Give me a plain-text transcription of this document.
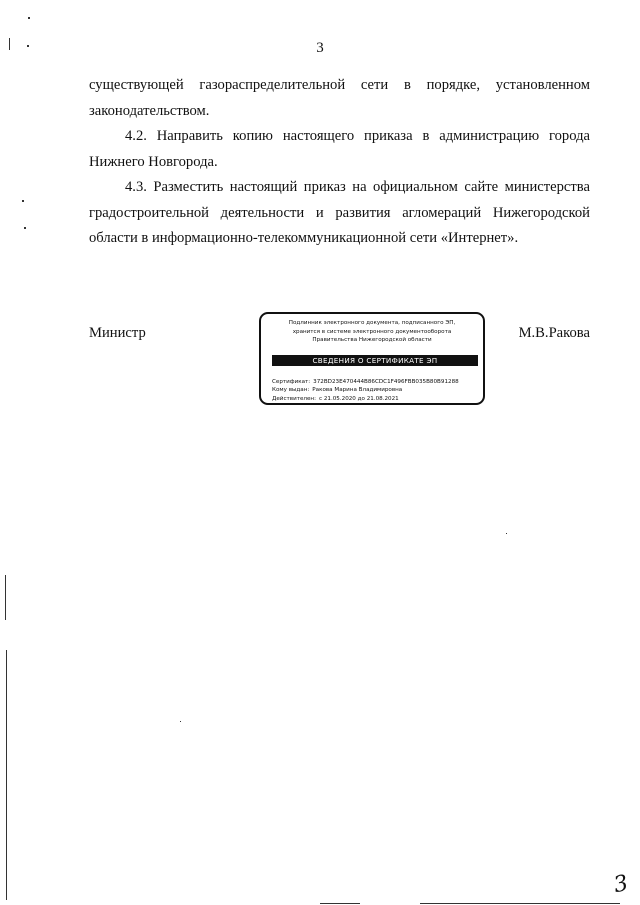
3
существующей газораспределительной сети в порядке, установленном
законодательством.
4.2. Направить копию настоящего приказа в администрацию города
Нижнего Новгорода.
4.3. Разместить настоящий приказ на официальном сайте министерства
градостроительной деятельности и развития агломераций Нижегородской
области в информационно-телекоммуникационной сети «Интернет».
Министр
Подлинник электронного документа, подписанного ЭП,
хранится в системе электронного документооборота
Правительства Нижегородской области
СВЕДЕНИЯ О СЕРТИФИКАТЕ ЭП
Сертификат: 372BD23E470444B86CDC1F496FBB035B80B91288
Кому выдан: Ракова Марина Владимировна
Действителен: с 21.05.2020 до 21.08.2021
М.В.Ракова
3
